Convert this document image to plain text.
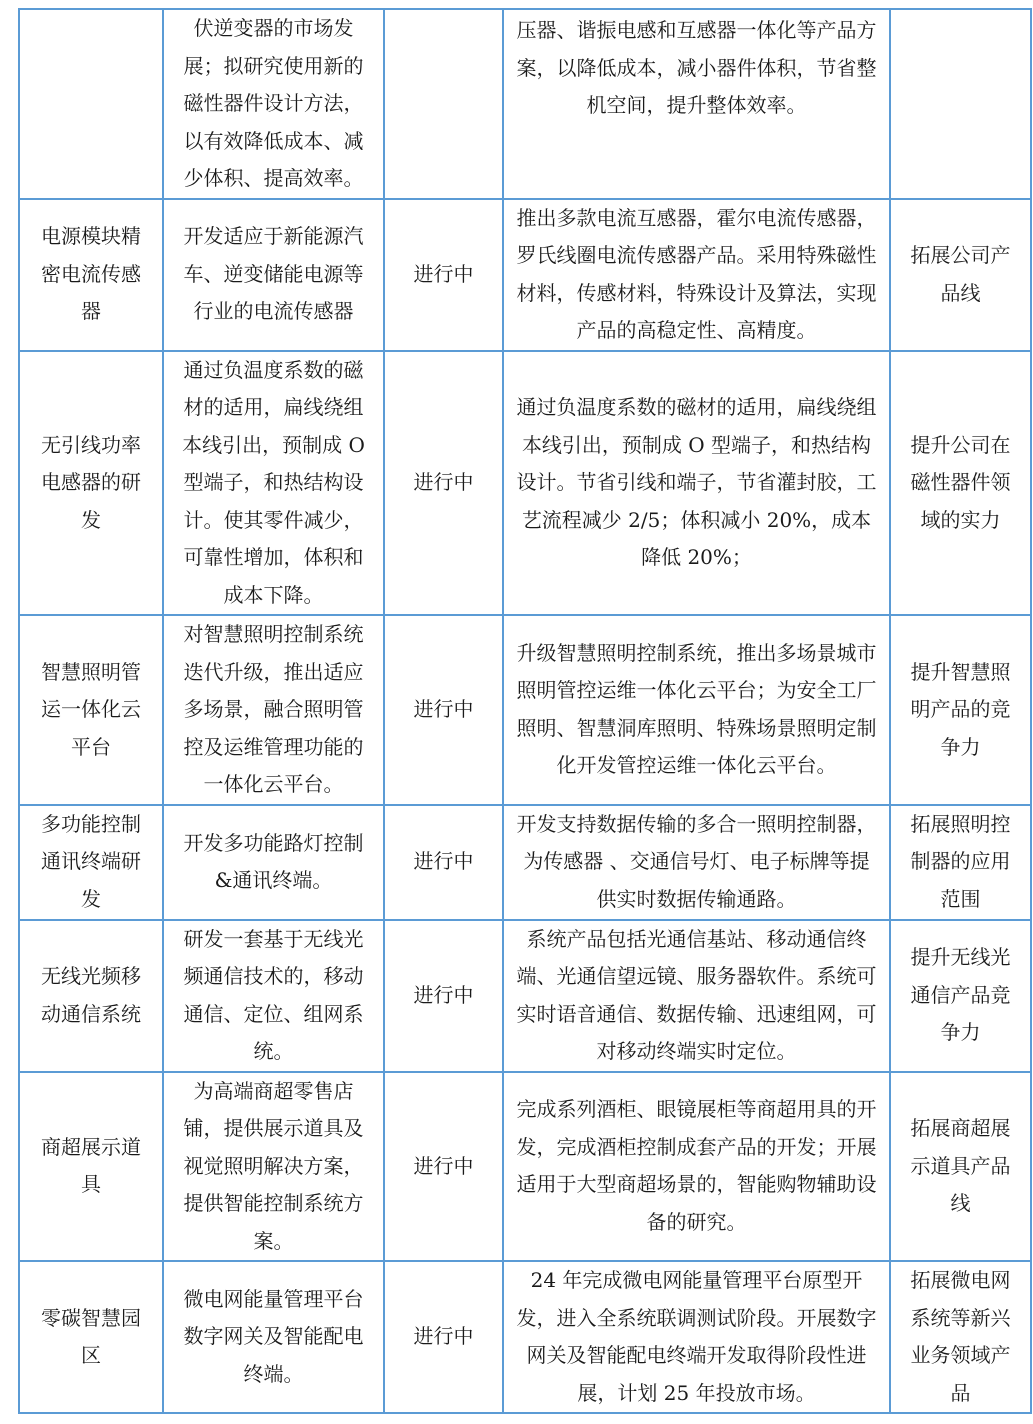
	伏逆变器的市场发展；拟研究使用新的磁性器件设计方法，以有效降低成本、减少体积、提高效率。		压器、谐振电感和互感器一体化等产品方案，以降低成本，减小器件体积，节省整机空间，提升整体效率。	
电源模块精密电流传感器	开发适应于新能源汽车、逆变储能电源等行业的电流传感器	进行中	推出多款电流互感器，霍尔电流传感器，罗氏线圈电流传感器产品。采用特殊磁性材料，传感材料，特殊设计及算法，实现产品的高稳定性、高精度。	拓展公司产品线
无引线功率电感器的研发	通过负温度系数的磁材的适用，扁线绕组本线引出，预制成 O 型端子，和热结构设计。使其零件减少，可靠性增加，体积和成本下降。	进行中	通过负温度系数的磁材的适用，扁线绕组本线引出，预制成 O 型端子，和热结构设计。节省引线和端子，节省灌封胶，工艺流程减少 2/5；体积减小 20%，成本降低 20%；	提升公司在磁性器件领域的实力
智慧照明管运一体化云平台	对智慧照明控制系统迭代升级，推出适应多场景，融合照明管控及运维管理功能的一体化云平台。	进行中	升级智慧照明控制系统，推出多场景城市照明管控运维一体化云平台；为安全工厂照明、智慧洞库照明、特殊场景照明定制化开发管控运维一体化云平台。	提升智慧照明产品的竞争力
多功能控制通讯终端研发	开发多功能路灯控制&通讯终端。	进行中	开发支持数据传输的多合一照明控制器，为传感器 、交通信号灯、电子标牌等提供实时数据传输通路。	拓展照明控制器的应用范围
无线光频移动通信系统	研发一套基于无线光频通信技术的，移动通信、定位、组网系统。	进行中	系统产品包括光通信基站、移动通信终端、光通信望远镜、服务器软件。系统可实时语音通信、数据传输、迅速组网，可对移动终端实时定位。	提升无线光通信产品竞争力
商超展示道具	为高端商超零售店铺，提供展示道具及视觉照明解决方案，提供智能控制系统方案。	进行中	完成系列酒柜、眼镜展柜等商超用具的开发，完成酒柜控制成套产品的开发；开展适用于大型商超场景的，智能购物辅助设备的研究。	拓展商超展示道具产品线
零碳智慧园区	微电网能量管理平台数字网关及智能配电终端。	进行中	24 年完成微电网能量管理平台原型开发，进入全系统联调测试阶段。开展数字网关及智能配电终端开发取得阶段性进展，计划 25 年投放市场。	拓展微电网系统等新兴业务领域产品
